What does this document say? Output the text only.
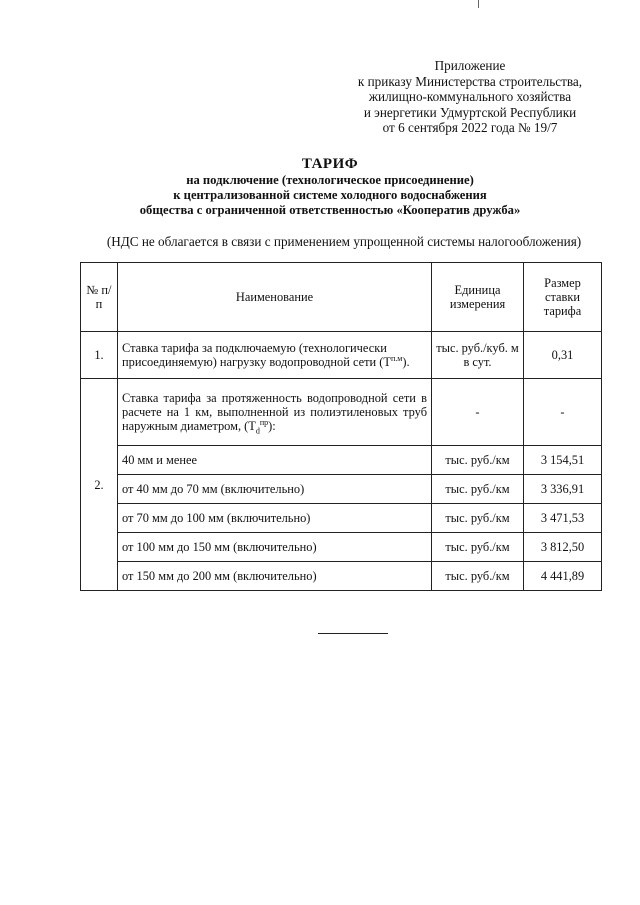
Приложение
к приказу Министерства строительства,
жилищно-коммунального хозяйства
и энергетики Удмуртской Республики
от 6 сентября 2022 года № 19/7
ТАРИФ
на подключение (технологическое присоединение)
к централизованной системе холодного водоснабжения
общества с ограниченной ответственностью «Кооператив дружба»
(НДС не облагается в связи с применением упрощенной системы налогообложения)
№ п/п	Наименование	Единица измерения	Размер ставки тарифа
1.	Ставка тарифа за подключаемую (технологически присоединяемую) нагрузку водопроводной сети $(Т^{п.м})$.	тыс. руб./куб. м в сут.	0,31
2.	Ставка тарифа за протяженность водопроводной сети в расчете на 1 км, выполненной из полиэтиленовых труб наружным диаметром, $(Т_d^{пр})$:	-	-
	40 мм и менее	тыс. руб./км	3 154,51
	от 40 мм до 70 мм (включительно)	тыс. руб./км	3 336,91
	от 70 мм до 100 мм (включительно)	тыс. руб./км	3 471,53
	от 100 мм до 150 мм (включительно)	тыс. руб./км	3 812,50
	от 150 мм до 200 мм (включительно)	тыс. руб./км	4 441,89
